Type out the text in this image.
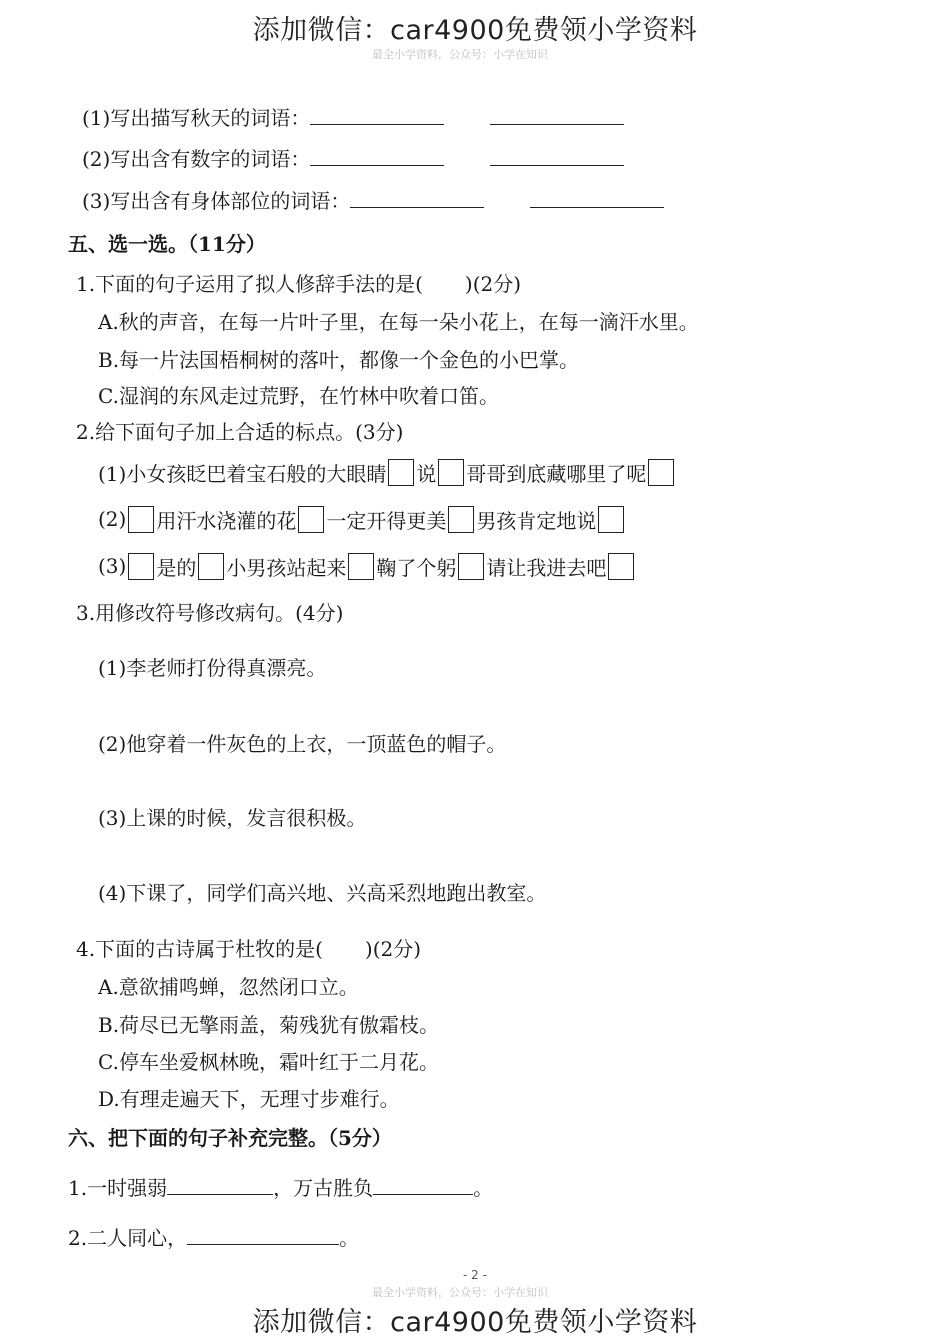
添加微信：car4900免费领小学资料
最全小学资料，公众号：小学在知识
(1)写出描写秋天的词语：
(2)写出含有数字的词语：
(3)写出含有身体部位的词语：
五、选一选。（11分）
1.下面的句子运用了拟人修辞手法的是( )(2分)
A.秋的声音，在每一片叶子里，在每一朵小花上，在每一滴汗水里。
B.每一片法国梧桐树的落叶，都像一个金色的小巴掌。
C.湿润的东风走过荒野，在竹林中吹着口笛。
2.给下面句子加上合适的标点。(3分)
(1)小女孩眨巴着宝石般的大眼睛 说 哥哥到底藏哪里了呢
(2) 用汗水浇灌的花 一定开得更美 男孩肯定地说
(3) 是的 小男孩站起来 鞠了个躬 请让我进去吧
3.用修改符号修改病句。(4分)
(1)李老师打份得真漂亮。
(2)他穿着一件灰色的上衣，一顶蓝色的帽子。
(3)上课的时候，发言很积极。
(4)下课了，同学们高兴地、兴高采烈地跑出教室。
4.下面的古诗属于杜牧的是( )(2分)
A.意欲捕鸣蝉，忽然闭口立。
B.荷尽已无擎雨盖，菊残犹有傲霜枝。
C.停车坐爱枫林晚，霜叶红于二月花。
D.有理走遍天下，无理寸步难行。
六、把下面的句子补充完整。（5分）
1.一时强弱	，万古胜负	。
2.二人同心，	。
- 2 -
最全小学资料，公众号：小学在知识
添加微信：car4900免费领小学资料
